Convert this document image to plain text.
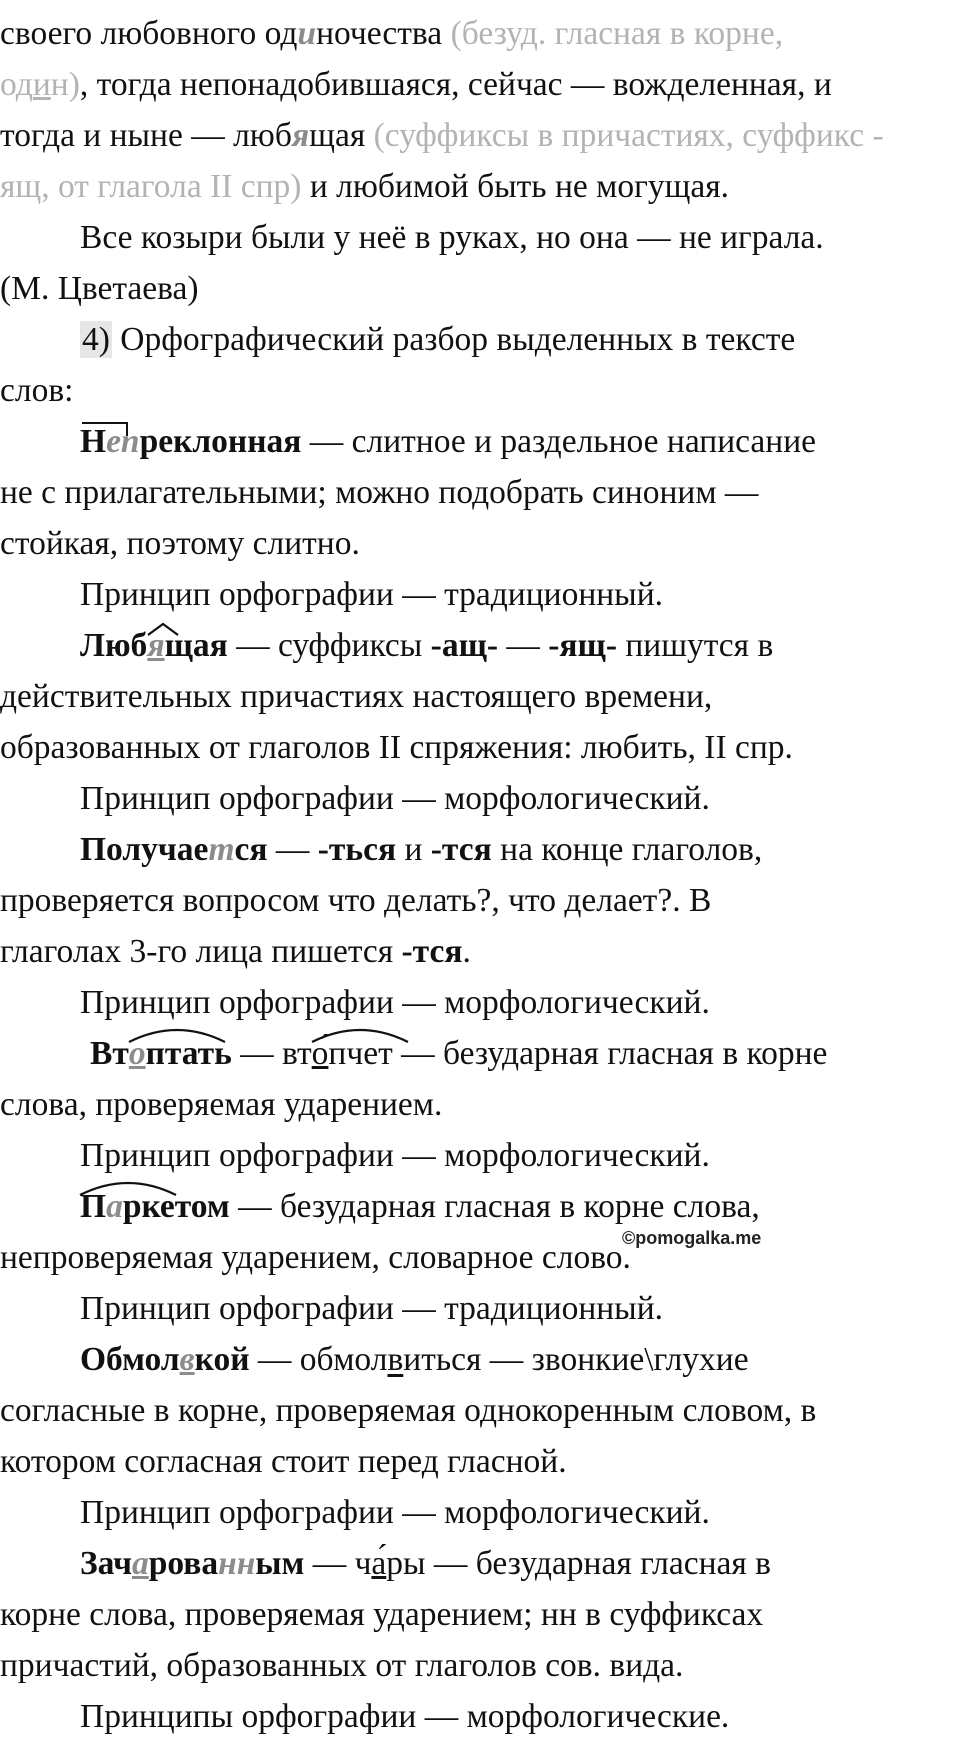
своего любовного одиночества (безуд. гласная в корне,
один), тогда непонадобившаяся, сейчас — вожделенная, и
тогда и ныне — любящая (суффиксы в причастиях, суффикс -
ящ, от глагола II спр) и любимой быть не могущая.
Все козыри были у неё в руках, но она — не играла.
(М. Цветаева)
4) Орфографический разбор выделенных в тексте
слов:
Непреклонная — слитное и раздельное написание
не с прилагательными; можно подобрать синоним —
стойкая, поэтому слитно.
Принцип орфографии — традиционный.
Люб
ящая — суффиксы -ащ- — -ящ- пишутся в
действительных причастиях настоящего времени,
образованных от глаголов II спряжения: любить, II спр.
Принцип орфографии — морфологический.
Получается — -ться и -тся на конце глаголов,
проверяется вопросом что делать?, что делает?. В
глаголах 3-го лица пишется -тся.
Принцип орфографии — морфологический.
Вт
оптать — вт
о́пчет — безударная гласная в корне
слова, проверяемая ударением.
Принцип орфографии — морфологический.
Паркетом — безударная гласная в корне слова,
непроверяемая ударением, словарное слово.
Принцип орфографии — традиционный.
Обмолвкой — обмолвиться — звонкие\глухие
согласные в корне, проверяемая однокоренным словом, в
котором согласная стоит перед гласной.
Принцип орфографии — морфологический.
Зачарованным — ча́ры — безударная гласная в
корне слова, проверяемая ударением; нн в суффиксах
причастий, образованных от глаголов сов. вида.
Принципы орфографии — морфологические.
©pomogalka.me
